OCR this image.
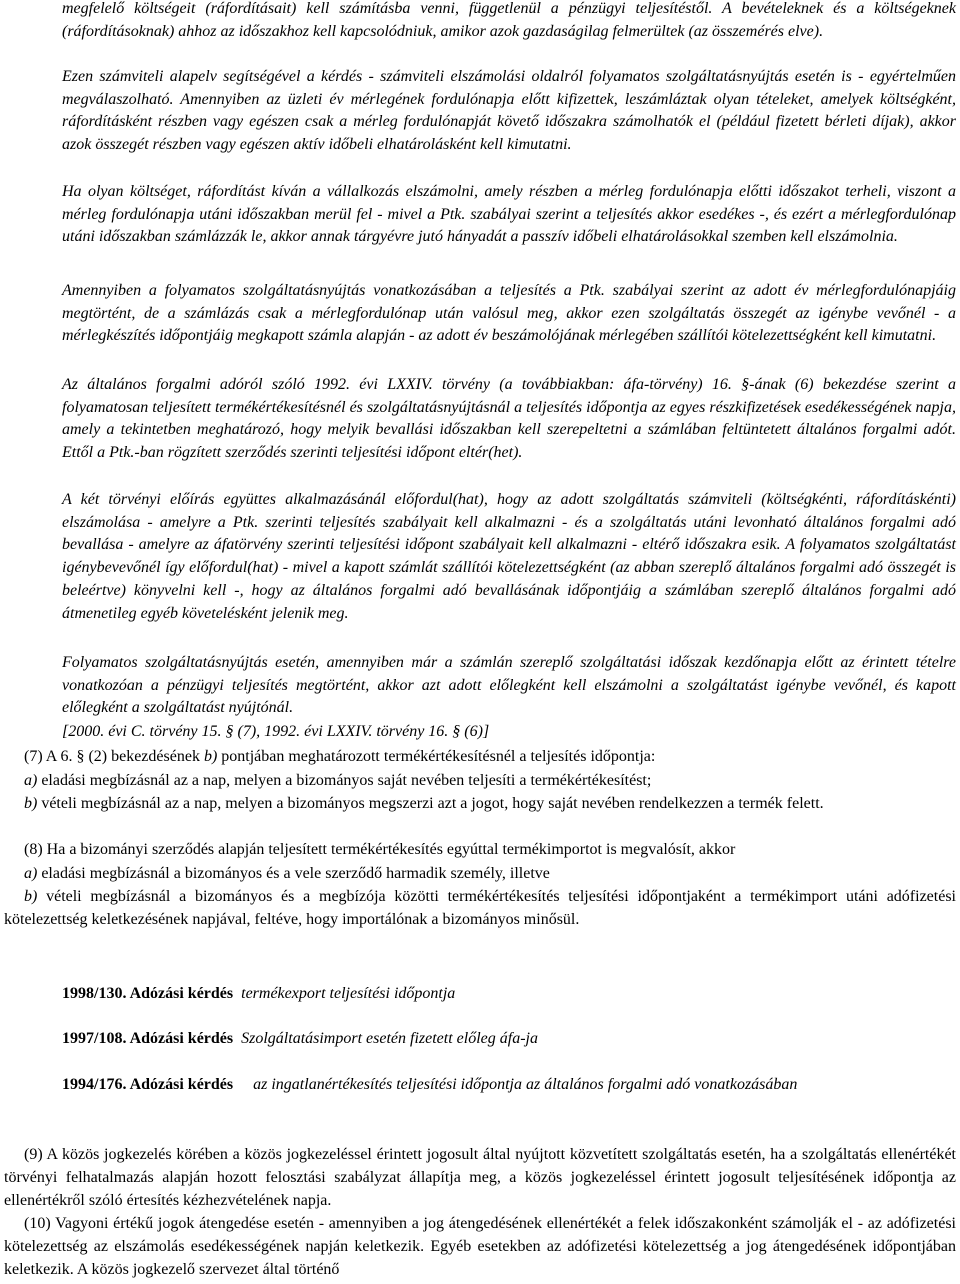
megfelelő költségeit (ráfordításait) kell számításba venni, függetlenül a pénzügyi teljesítéstől. A bevételeknek és a költségeknek (ráfordításoknak) ahhoz az időszakhoz kell kapcsolódniuk, amikor azok gazdaságilag felmerültek (az összemérés elve).

Ezen számviteli alapelv segítségével a kérdés - számviteli elszámolási oldalról folyamatos szolgáltatásnyújtás esetén is - egyértelműen megválaszolható. Amennyiben az üzleti év mérlegének fordulónapja előtt kifizettek, leszámláztak olyan tételeket, amelyek költségként, ráfordításként részben vagy egészen csak a mérleg fordulónapját követő időszakra számolhatók el (például fizetett bérleti díjak), akkor azok összegét részben vagy egészen aktív időbeli elhatárolásként kell kimutatni.

Ha olyan költséget, ráfordítást kíván a vállalkozás elszámolni, amely részben a mérleg fordulónapja előtti időszakot terheli, viszont a mérleg fordulónapja utáni időszakban merül fel - mivel a Ptk. szabályai szerint a teljesítés akkor esedékes -, és ezért a mérlegfordulónap utáni időszakban számlázzák le, akkor annak tárgyévre jutó hányadát a passzív időbeli elhatárolásokkal szemben kell elszámolnia.

Amennyiben a folyamatos szolgáltatásnyújtás vonatkozásában a teljesítés a Ptk. szabályai szerint az adott év mérlegfordulónapjáig megtörtént, de a számlázás csak a mérlegfordulónap után valósul meg, akkor ezen szolgáltatás összegét az igénybe vevőnél - a mérlegkészítés időpontjáig megkapott számla alapján - az adott év beszámolójának mérlegében szállítói kötelezettségként kell kimutatni.

Az általános forgalmi adóról szóló 1992. évi LXXIV. törvény (a továbbiakban: áfa-törvény) 16. §-ának (6) bekezdése szerint a folyamatosan teljesített termékértékesítésnél és szolgáltatásnyújtásnál a teljesítés időpontja az egyes részkifizetések esedékességének napja, amely a tekintetben meghatározó, hogy melyik bevallási időszakban kell szerepeltetni a számlában feltüntetett általános forgalmi adót. Ettől a Ptk.-ban rögzített szerződés szerinti teljesítési időpont eltér(het).

A két törvényi előírás együttes alkalmazásánál előfordul(hat), hogy az adott szolgáltatás számviteli (költségkénti, ráfordításkénti) elszámolása - amelyre a Ptk. szerinti teljesítés szabályait kell alkalmazni - és a szolgáltatás utáni levonható általános forgalmi adó bevallása - amelyre az áfatörvény szerinti teljesítési időpont szabályait kell alkalmazni - eltérő időszakra esik. A folyamatos szolgáltatást igénybevevőnél így előfordul(hat) - mivel a kapott számlát szállítói kötelezettségként (az abban szereplő általános forgalmi adó összegét is beleértve) könyvelni kell -, hogy az általános forgalmi adó bevallásának időpontjáig a számlában szereplő általános forgalmi adó átmenetileg egyéb követelésként jelenik meg.

Folyamatos szolgáltatásnyújtás esetén, amennyiben már a számlán szereplő szolgáltatási időszak kezdőnapja előtt az érintett tételre vonatkozóan a pénzügyi teljesítés megtörtént, akkor azt adott előlegként kell elszámolni a szolgáltatást igénybe vevőnél, és kapott előlegként a szolgáltatást nyújtónál.

[2000. évi C. törvény 15. § (7), 1992. évi LXXIV. törvény 16. § (6)]

(7) A 6. § (2) bekezdésének b) pontjában meghatározott termékértékesítésnél a teljesítés időpontja:

a) eladási megbízásnál az a nap, melyen a bizományos saját nevében teljesíti a termékértékesítést;

b) vételi megbízásnál az a nap, melyen a bizományos megszerzi azt a jogot, hogy saját nevében rendelkezzen a termék felett.

(8) Ha a bizományi szerződés alapján teljesített termékértékesítés egyúttal termékimportot is megvalósít, akkor

a) eladási megbízásnál a bizományos és a vele szerződő harmadik személy, illetve

b) vételi megbízásnál a bizományos és a megbízója közötti termékértékesítés teljesítési időpontjaként a termékimport utáni adófizetési kötelezettség keletkezésének napjával, feltéve, hogy importálónak a bizományos minősül.

1998/130. Adózási kérdés termékexport teljesítési időpontja

1997/108. Adózási kérdés Szolgáltatásimport esetén fizetett előleg áfa-ja

1994/176. Adózási kérdés az ingatlanértékesítés teljesítési időpontja az általános forgalmi adó vonatkozásában

(9) A közös jogkezelés körében a közös jogkezeléssel érintett jogosult által nyújtott közvetített szolgáltatás esetén, ha a szolgáltatás ellenértékét törvényi felhatalmazás alapján hozott felosztási szabályzat állapítja meg, a közös jogkezeléssel érintett jogosult teljesítésének időpontja az ellenértékről szóló értesítés kézhezvételének napja.

(10) Vagyoni értékű jogok átengedése esetén - amennyiben a jog átengedésének ellenértékét a felek időszakonként számolják el - az adófizetési kötelezettség az elszámolás esedékességének napján keletkezik. Egyéb esetekben az adófizetési kötelezettség a jog átengedésének időpontjában keletkezik. A közös jogkezelő szervezet által történő
